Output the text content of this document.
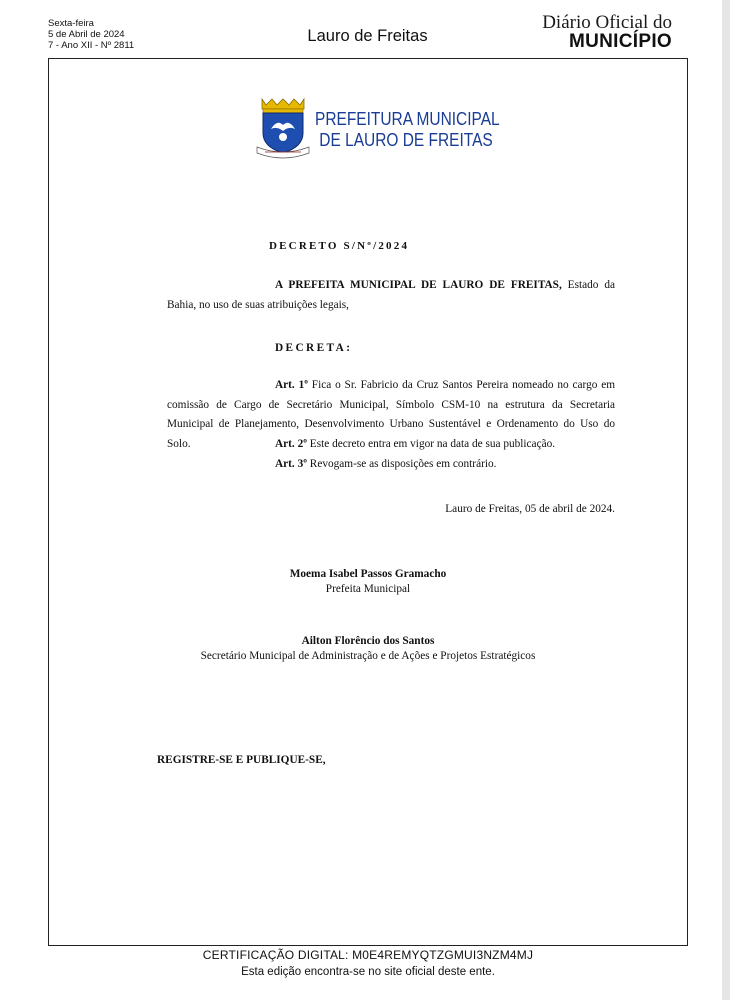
Sexta-feira
5 de Abril de 2024
7 - Ano XII - Nº 2811
Lauro de Freitas
Diário Oficial do
MUNICÍPIO
PREFEITURA MUNICIPAL
DE LAURO DE FREITAS
DECRETO S/Nº/2024
A PREFEITA MUNICIPAL DE LAURO DE FREITAS, Estado da Bahia, no uso de suas atribuições legais,
DECRETA:
Art. 1º Fica o Sr. Fabricio da Cruz Santos Pereira nomeado no cargo em comissão de Cargo de Secretário Municipal, Símbolo CSM-10 na estrutura da Secretaria Municipal de Planejamento, Desenvolvimento Urbano Sustentável e Ordenamento do Uso do Solo.	Art. 2º Este decreto entra em vigor na data de sua publicação.
Art. 3º Revogam-se as disposições em contrário.
Lauro de Freitas, 05 de abril de 2024.
Moema Isabel Passos Gramacho
Prefeita Municipal
Ailton Florêncio dos Santos
Secretário Municipal de Administração e de Ações e Projetos Estratégicos
REGISTRE-SE E PUBLIQUE-SE,
CERTIFICAÇÃO DIGITAL: M0E4REMYQTZGMUI3NZM4MJ
Esta edição encontra-se no site oficial deste ente.
